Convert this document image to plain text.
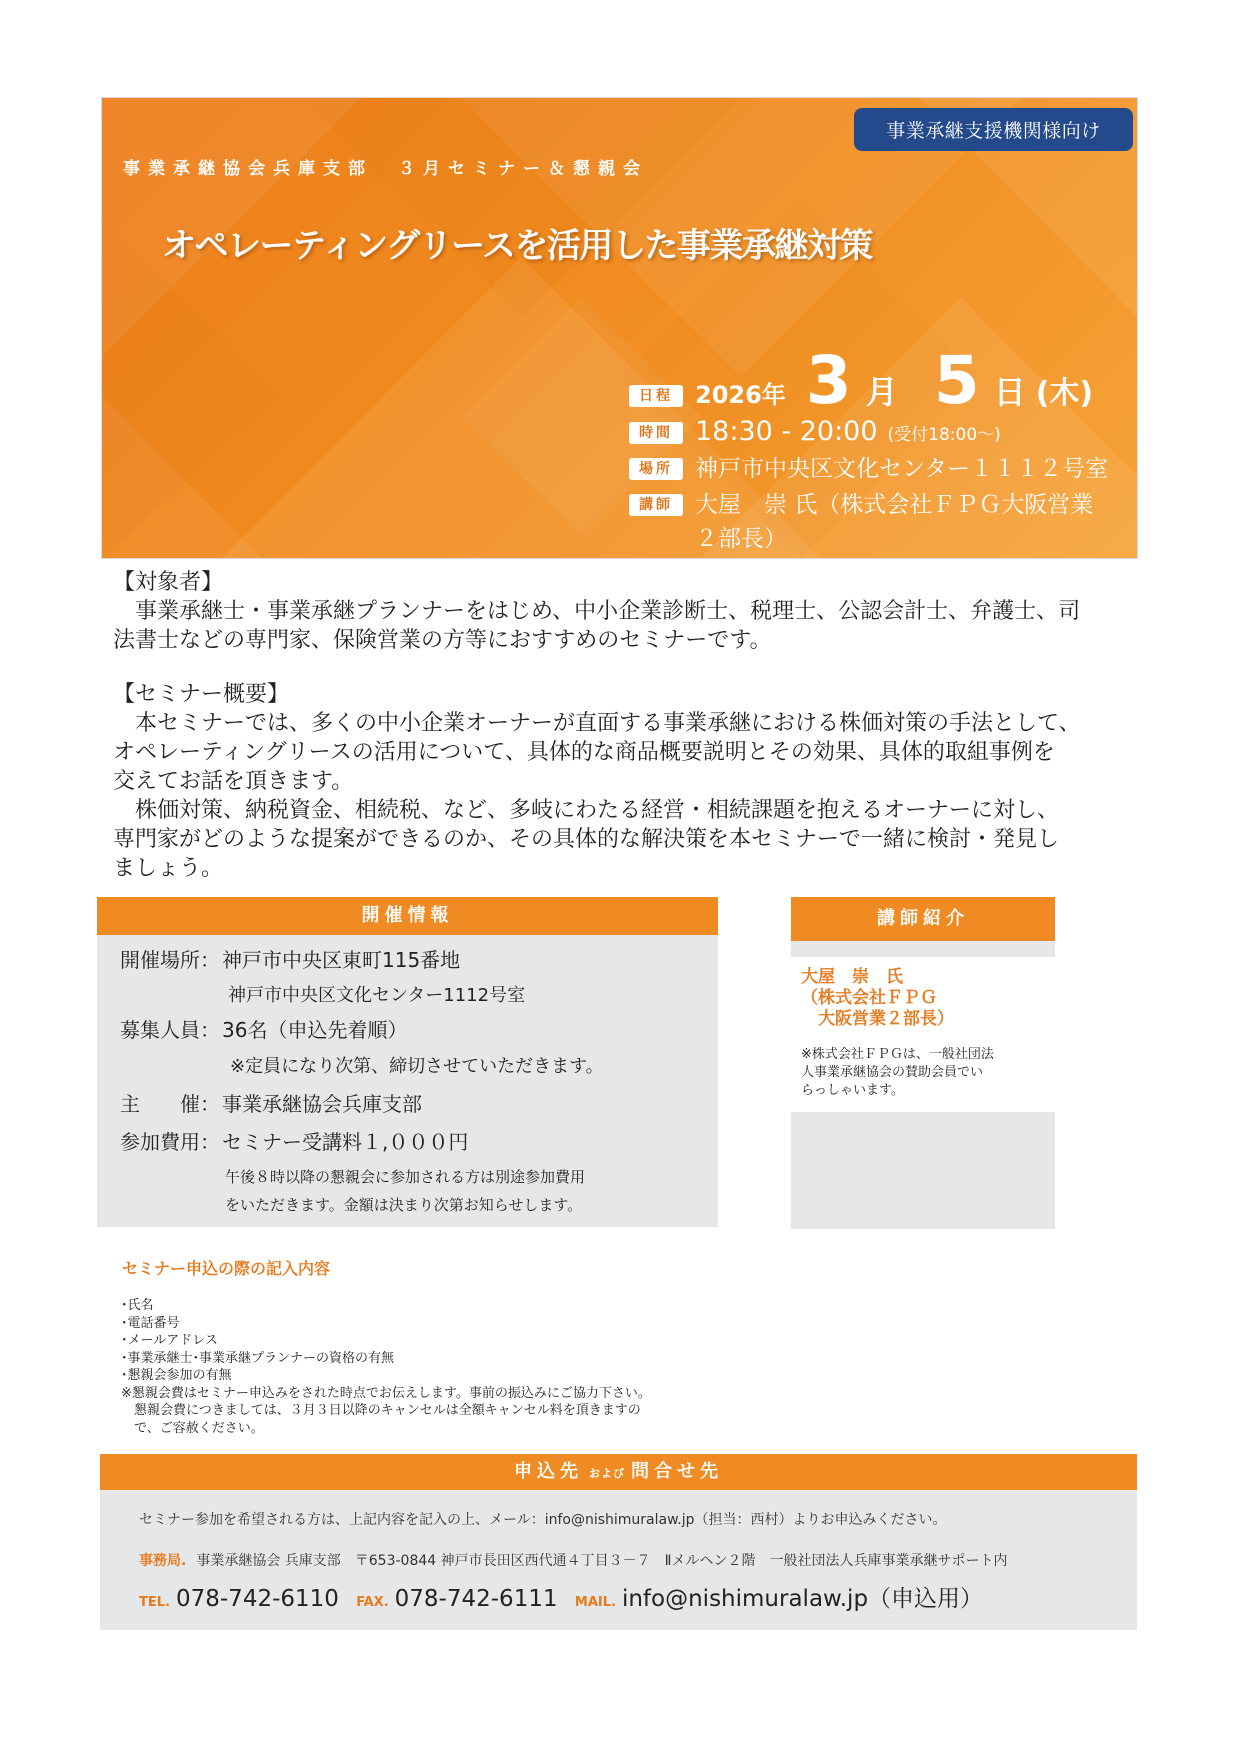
事業承継支援機関様向け
事業承継協会兵庫支部　３月セミナー＆懇親会
オペレーティングリースを活用した事業承継対策
日程 2026年 3 月 5 日 (木)
時間 18:30 - 20:00 (受付18:00～)
場所 神戸市中央区文化センター１１１２号室
講師 大屋　崇 氏（株式会社ＦＰＧ大阪営業
２部長）
【対象者】
　事業承継士・事業承継プランナーをはじめ、中小企業診断士、税理士、公認会計士、弁護士、司
法書士などの専門家、保険営業の方等におすすめのセミナーです。
【セミナー概要】
　本セミナーでは、多くの中小企業オーナーが直面する事業承継における株価対策の手法として、
オペレーティングリースの活用について、具体的な商品概要説明とその効果、具体的取組事例を
交えてお話を頂きます。
　株価対策、納税資金、相続税、など、多岐にわたる経営・相続課題を抱えるオーナーに対し、
専門家がどのような提案ができるのか、その具体的な解決策を本セミナーで一緒に検討・発見し
ましょう。
開催情報
開催場所： 神戸市中央区東町115番地
神戸市中央区文化センター1112号室
募集人員： 36名（申込先着順）
※定員になり次第、締切させていただきます。
主　　催： 事業承継協会兵庫支部
参加費用： セミナー受講料１,０００円
午後８時以降の懇親会に参加される方は別途参加費用
をいただきます。金額は決まり次第お知らせします。
講師紹介
大屋　崇　氏
（株式会社ＦＰＧ
　大阪営業２部長）
※株式会社ＦＰＧは、一般社団法
人事業承継協会の賛助会員でい
らっしゃいます。
セミナー申込の際の記入内容
･氏名
･電話番号
･メールアドレス
･事業承継士･事業承継プランナーの資格の有無
･懇親会参加の有無
※懇親会費はセミナー申込みをされた時点でお伝えします。事前の振込みにご協力下さい。
　懇親会費につきましては、３月３日以降のキャンセルは全額キャンセル料を頂きますの
　で、ご容赦ください。
申込先 および 問合せ先
セミナー参加を希望される方は、上記内容を記入の上、メール：info@nishimuralaw.jp（担当：西村）よりお申込みください。
事務局. 事業承継協会 兵庫支部　〒653-0844 神戸市長田区西代通４丁目３－７　Ⅱメルヘン２階　一般社団法人兵庫事業承継サポート内
TEL. 078-742-6110 FAX. 078-742-6111 MAIL. info@nishimuralaw.jp（申込用）
